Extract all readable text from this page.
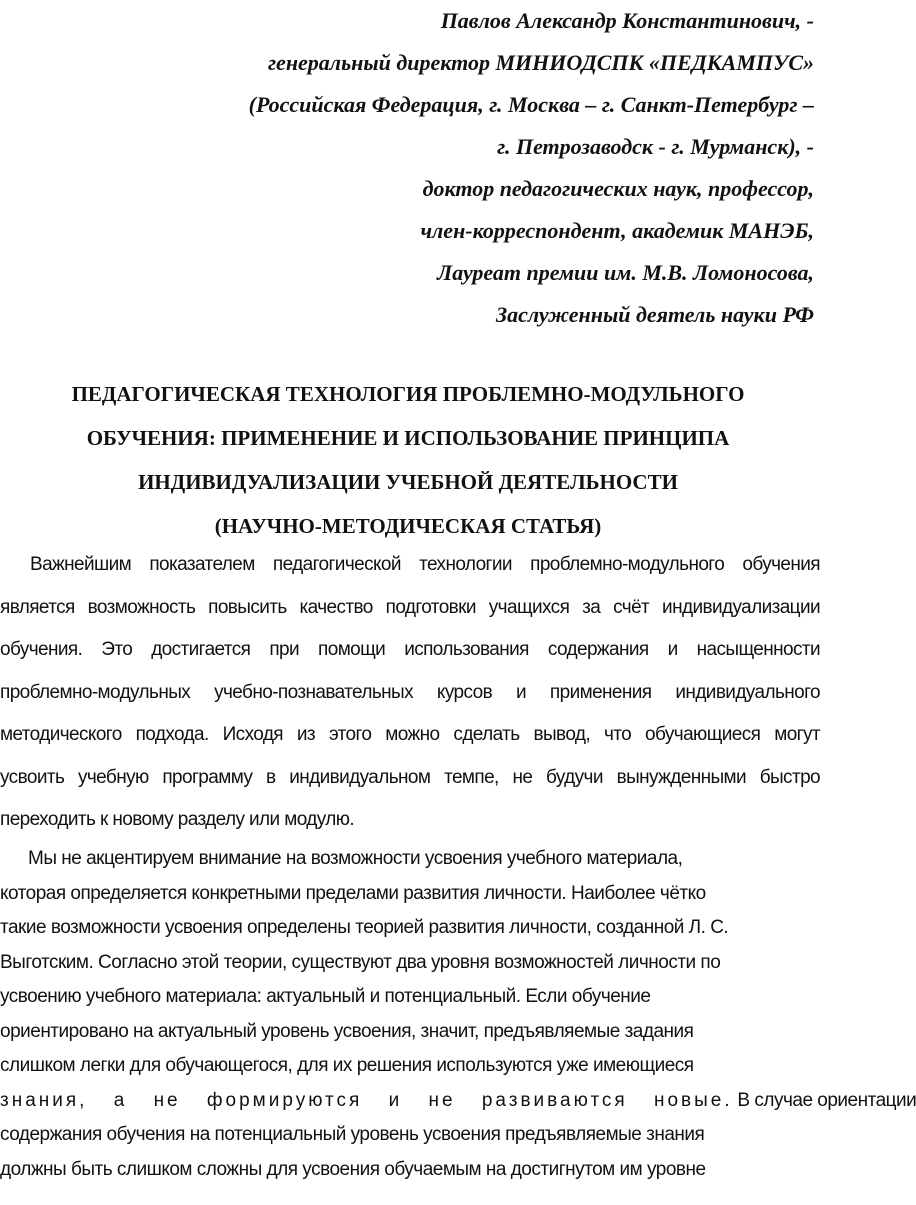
Павлов Александр Константинович, -
генеральный директор МИНИОДСПК «ПЕДКАМПУС»
(Российская Федерация, г. Москва – г. Санкт-Петербург –
г. Петрозаводск - г. Мурманск), -
доктор педагогических наук, профессор,
член-корреспондент, академик МАНЭБ,
Лауреат премии им. М.В. Ломоносова,
Заслуженный деятель науки РФ
ПЕДАГОГИЧЕСКАЯ ТЕХНОЛОГИЯ ПРОБЛЕМНО-МОДУЛЬНОГО
ОБУЧЕНИЯ: ПРИМЕНЕНИЕ И ИСПОЛЬЗОВАНИЕ ПРИНЦИПА
ИНДИВИДУАЛИЗАЦИИ УЧЕБНОЙ ДЕЯТЕЛЬНОСТИ
(НАУЧНО-МЕТОДИЧЕСКАЯ СТАТЬЯ)
Важнейшим показателем педагогической технологии проблемно-модульного обучения
является возможность повысить качество подготовки учащихся за счёт индивидуализации
обучения. Это достигается при помощи использования содержания и насыщенности
проблемно-модульных учебно-познавательных курсов и применения индивидуального
методического подхода. Исходя из этого можно сделать вывод, что обучающиеся могут
усвоить учебную программу в индивидуальном темпе, не будучи вынужденными быстро
переходить к новому разделу или модулю.
Мы не акцентируем внимание на возможности усвоения учебного материала,
которая определяется конкретными пределами развития личности. Наиболее чётко
такие возможности усвоения определены теорией развития личности, созданной Л. С.
Выготским. Согласно этой теории, существуют два уровня возможностей личности по
усвоению учебного материала: актуальный и потенциальный. Если обучение
ориентировано на актуальный уровень усвоения, значит, предъявляемые задания
слишком легки для обучающегося, для их решения используются уже имеющиеся
знания, а не формируются и не развиваются новые. В случае ориентации
содержания обучения на потенциальный уровень усвоения предъявляемые знания
должны быть слишком сложны для усвоения обучаемым на достигнутом им уровне
